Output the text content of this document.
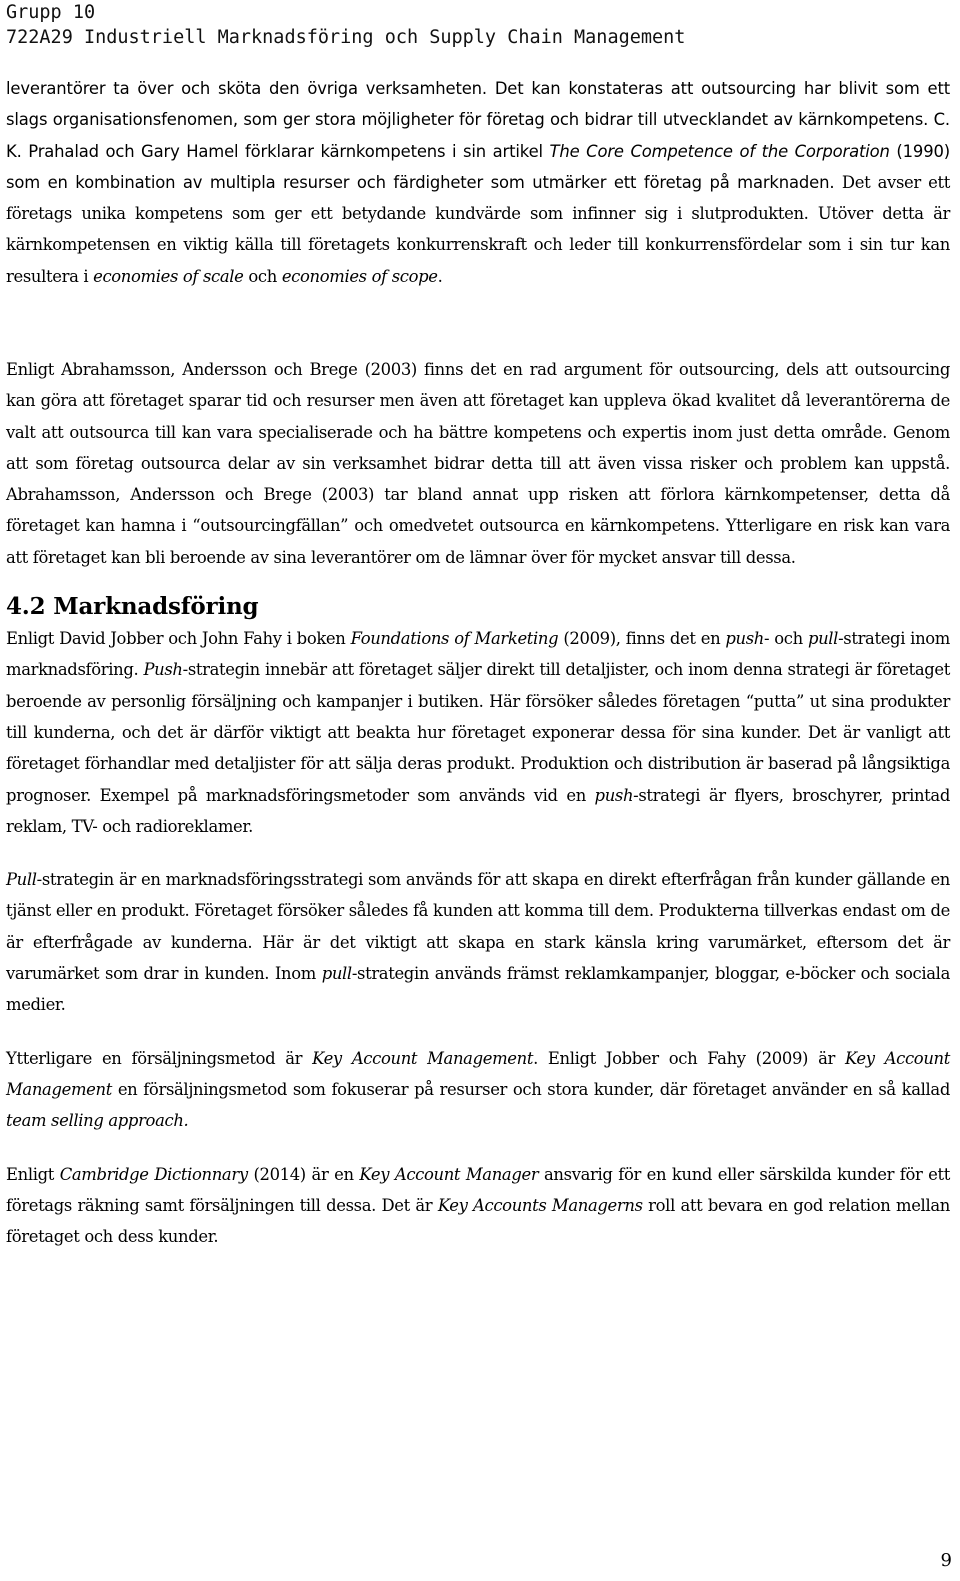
Grupp 10
722A29 Industriell Marknadsföring och Supply Chain Management

leverantörer ta över och sköta den övriga verksamheten. Det kan konstateras att outsourcing har blivit som ett slags organisationsfenomen, som ger stora möjligheter för företag och bidrar till utvecklandet av kärnkompetens. C. K. Prahalad och Gary Hamel förklarar kärnkompetens i sin artikel The Core Competence of the Corporation (1990) som en kombination av multipla resurser och färdigheter som utmärker ett företag på marknaden. Det avser ett företags unika kompetens som ger ett betydande kundvärde som infinner sig i slutprodukten. Utöver detta är kärnkompetensen en viktig källa till företagets konkurrenskraft och leder till konkurrensfördelar som i sin tur kan resultera i economies of scale och economies of scope.

Enligt Abrahamsson, Andersson och Brege (2003) finns det en rad argument för outsourcing, dels att outsourcing kan göra att företaget sparar tid och resurser men även att företaget kan uppleva ökad kvalitet då leverantörerna de valt att outsourca till kan vara specialiserade och ha bättre kompetens och expertis inom just detta område. Genom att som företag outsourca delar av sin verksamhet bidrar detta till att även vissa risker och problem kan uppstå. Abrahamsson, Andersson och Brege (2003) tar bland annat upp risken att förlora kärnkompetenser, detta då företaget kan hamna i “outsourcingfällan” och omedvetet outsourca en kärnkompetens. Ytterligare en risk kan vara att företaget kan bli beroende av sina leverantörer om de lämnar över för mycket ansvar till dessa.

4.2 Marknadsföring

Enligt David Jobber och John Fahy i boken Foundations of Marketing (2009), finns det en push- och pull-strategi inom marknadsföring. Push-strategin innebär att företaget säljer direkt till detaljister, och inom denna strategi är företaget beroende av personlig försäljning och kampanjer i butiken. Här försöker således företagen “putta” ut sina produkter till kunderna, och det är därför viktigt att beakta hur företaget exponerar dessa för sina kunder. Det är vanligt att företaget förhandlar med detaljister för att sälja deras produkt. Produktion och distribution är baserad på långsiktiga prognoser. Exempel på marknadsföringsmetoder som används vid en push-strategi är flyers, broschyrer, printad reklam, TV- och radioreklamer.

Pull-strategin är en marknadsföringsstrategi som används för att skapa en direkt efterfrågan från kunder gällande en tjänst eller en produkt. Företaget försöker således få kunden att komma till dem. Produkterna tillverkas endast om de är efterfrågade av kunderna. Här är det viktigt att skapa en stark känsla kring varumärket, eftersom det är varumärket som drar in kunden. Inom pull-strategin används främst reklamkampanjer, bloggar, e-böcker och sociala medier.

Ytterligare en försäljningsmetod är Key Account Management. Enligt Jobber och Fahy (2009) är Key Account Management en försäljningsmetod som fokuserar på resurser och stora kunder, där företaget använder en så kallad team selling approach.

Enligt Cambridge Dictionnary (2014) är en Key Account Manager ansvarig för en kund eller särskilda kunder för ett företags räkning samt försäljningen till dessa. Det är Key Accounts Managerns roll att bevara en god relation mellan företaget och dess kunder.

9
